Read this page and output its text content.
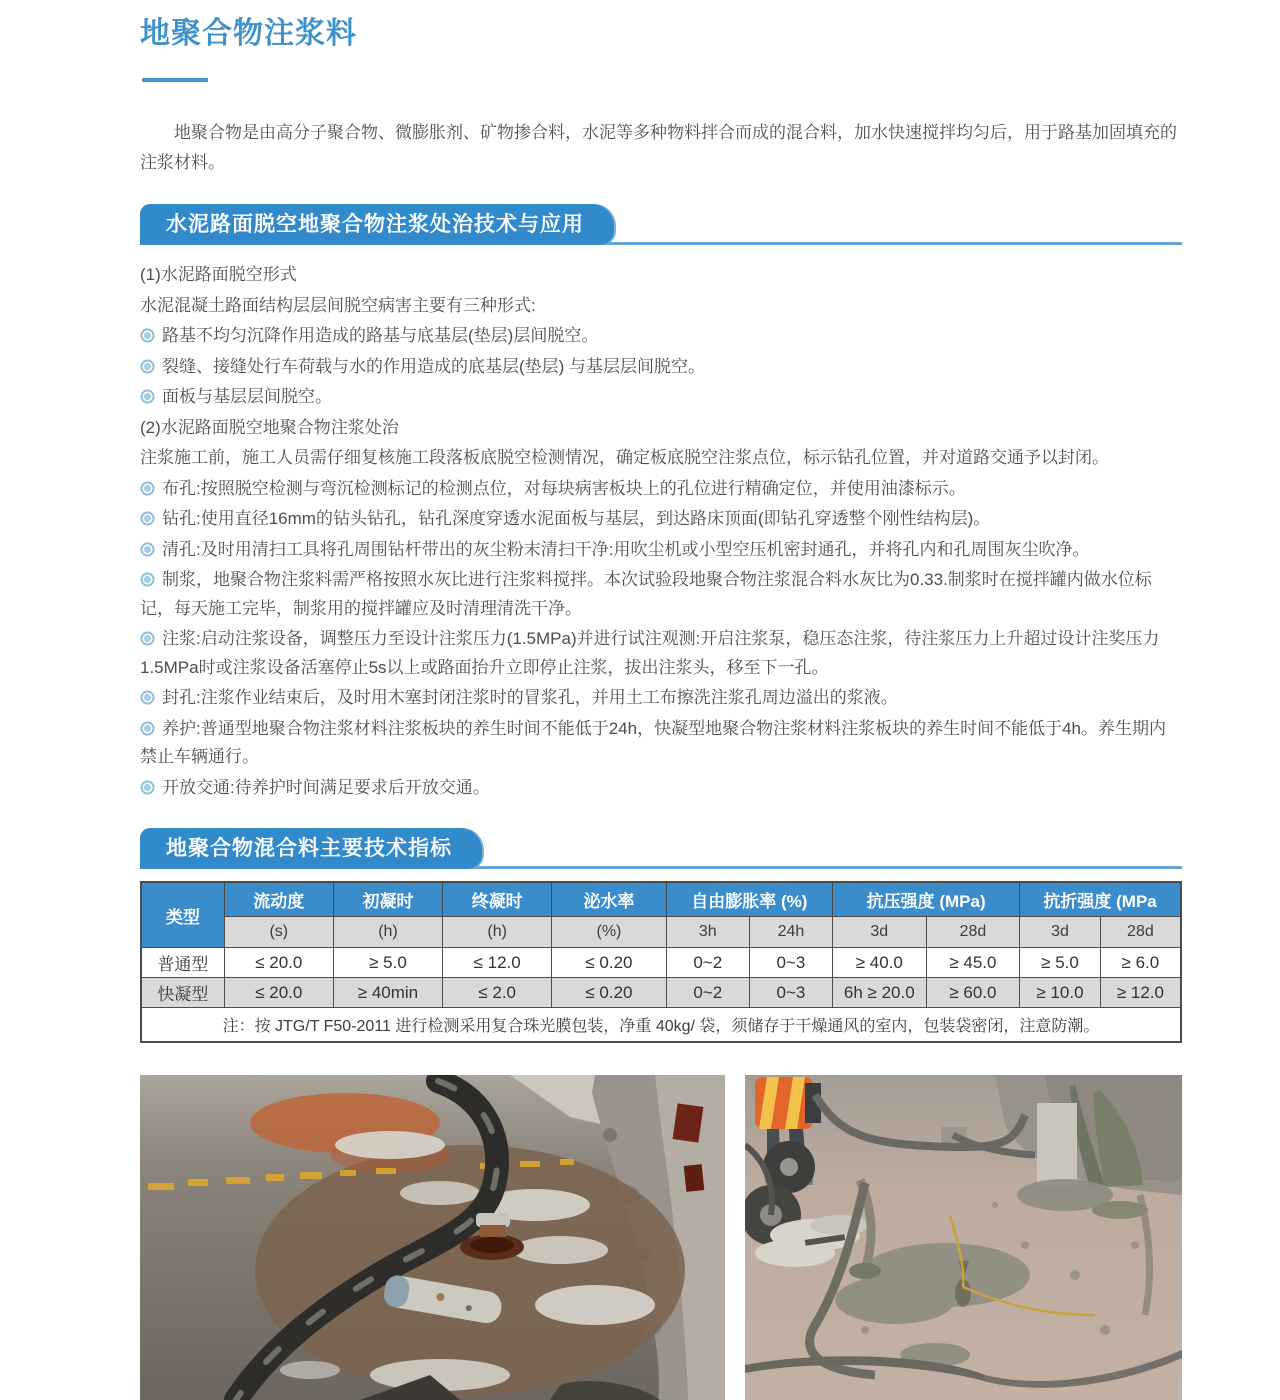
地聚合物注浆料

地聚合物是由高分子聚合物、微膨胀剂、矿物掺合料，水泥等多种物料拌合而成的混合料，加水快速搅拌均匀后，用于路基加固填充的注浆材料。

水泥路面脱空地聚合物注浆处治技术与应用

(1)水泥路面脱空形式

水泥混凝土路面结构层层间脱空病害主要有三种形式:

路基不均匀沉降作用造成的路基与底基层(垫层)层间脱空。

裂缝、接缝处行车荷载与水的作用造成的底基层(垫层) 与基层层间脱空。

面板与基层层间脱空。

(2)水泥路面脱空地聚合物注浆处治

注浆施工前，施工人员需仔细复核施工段落板底脱空检测情况，确定板底脱空注浆点位，标示钻孔位置，并对道路交通予以封闭。

布孔:按照脱空检测与弯沉检测标记的检测点位，对每块病害板块上的孔位进行精确定位，并使用油漆标示。

钻孔:使用直径16mm的钻头钻孔，钻孔深度穿透水泥面板与基层，到达路床顶面(即钻孔穿透整个刚性结构层)。

清孔:及时用清扫工具将孔周围钻杆带出的灰尘粉末清扫干净:用吹尘机或小型空压机密封通孔，并将孔内和孔周围灰尘吹净。

制浆，地聚合物注浆料需严格按照水灰比进行注浆料搅拌。本次试验段地聚合物注浆混合料水灰比为0.33.制浆时在搅拌罐内做水位标记，每天施工完毕，制浆用的搅拌罐应及时清理清洗干净。

注浆:启动注浆设备，调整压力至设计注浆压力(1.5MPa)并进行试注观测:开启注浆泵，稳压态注浆，待注浆压力上升超过设计注奖压力1.5MPa时或注浆设备活塞停止5s以上或路面抬升立即停止注浆，拔出注浆头，移至下一孔。

封孔:注浆作业结束后，及时用木塞封闭注浆时的冒浆孔，并用土工布擦洗注浆孔周边溢出的浆液。

养护:普通型地聚合物注浆材料注浆板块的养生时间不能低于24h，快凝型地聚合物注浆材料注浆板块的养生时间不能低于4h。养生期内禁止车辆通行。

开放交通:待养护时间满足要求后开放交通。

地聚合物混合料主要技术指标
类型	流动度	初凝时	终凝时	泌水率	自由膨胀率 (%)		抗压强度 (MPa)		抗折强度 (MPa	
	(s)	(h)	(h)	(%)	3h	24h	3d	28d	3d	28d
普通型	≤ 20.0	≥ 5.0	≤ 12.0	≤ 0.20	0~2	0~3	≥ 40.0	≥ 45.0	≥ 5.0	≥ 6.0
快凝型	≤ 20.0	≥ 40min	≤ 2.0	≤ 0.20	0~2	0~3	6h ≥ 20.0	≥ 60.0	≥ 10.0	≥ 12.0
注：按 JTG/T F50-2011 进行检测采用复合珠光膜包装，净重 40kg/ 袋，须储存于干燥通风的室内，包装袋密闭，注意防潮。										
